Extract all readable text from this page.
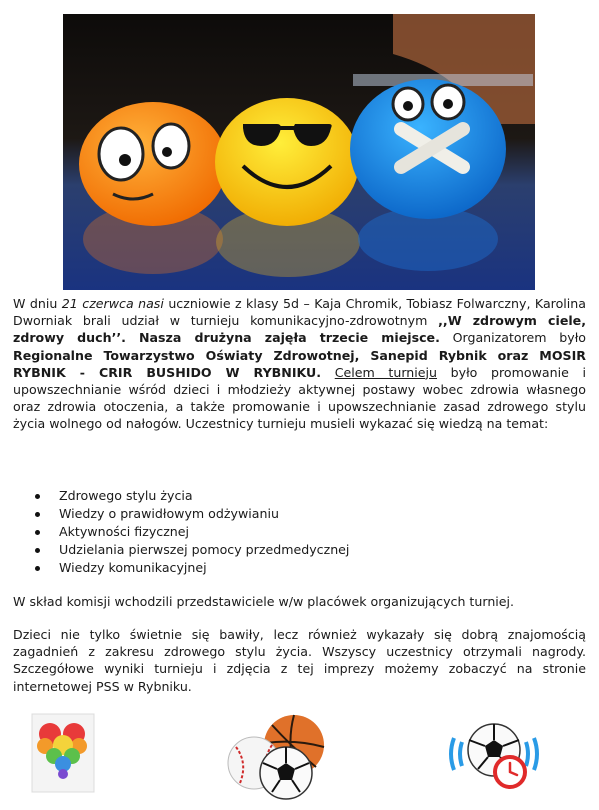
W dniu 21 czerwca nasi uczniowie z klasy 5d – Kaja Chromik, Tobiasz Folwarczny, Karolina Dworniak brali udział w turnieju komunikacyjno-zdrowotnym ,,W zdrowym ciele, zdrowy duch’’. Nasza drużyna zajęła trzecie miejsce. Organizatorem było Regionalne Towarzystwo Oświaty Zdrowotnej, Sanepid Rybnik oraz MOSIR RYBNIK - CRIR BUSHIDO W RYBNIKU. Celem turnieju było promowanie i upowszechnianie wśród dzieci i młodzieży aktywnej postawy wobec zdrowia własnego oraz zdrowia otoczenia, a także promowanie i upowszechnianie zasad zdrowego stylu życia wolnego od nałogów. Uczestnicy turnieju musieli wykazać się wiedzą na temat:
Zdrowego stylu życia
Wiedzy o prawidłowym odżywianiu
Aktywności fizycznej
Udzielania pierwszej pomocy przedmedycznej
Wiedzy komunikacyjnej
W skład komisji wchodzili przedstawiciele w/w placówek organizujących turniej.
Dzieci nie tylko świetnie się bawiły, lecz również wykazały się dobrą znajomością zagadnień z zakresu zdrowego stylu życia. Wszyscy uczestnicy otrzymali nagrody. Szczegółowe wyniki turnieju i zdjęcia z tej imprezy możemy zobaczyć na stronie internetowej PSS w Rybniku.
